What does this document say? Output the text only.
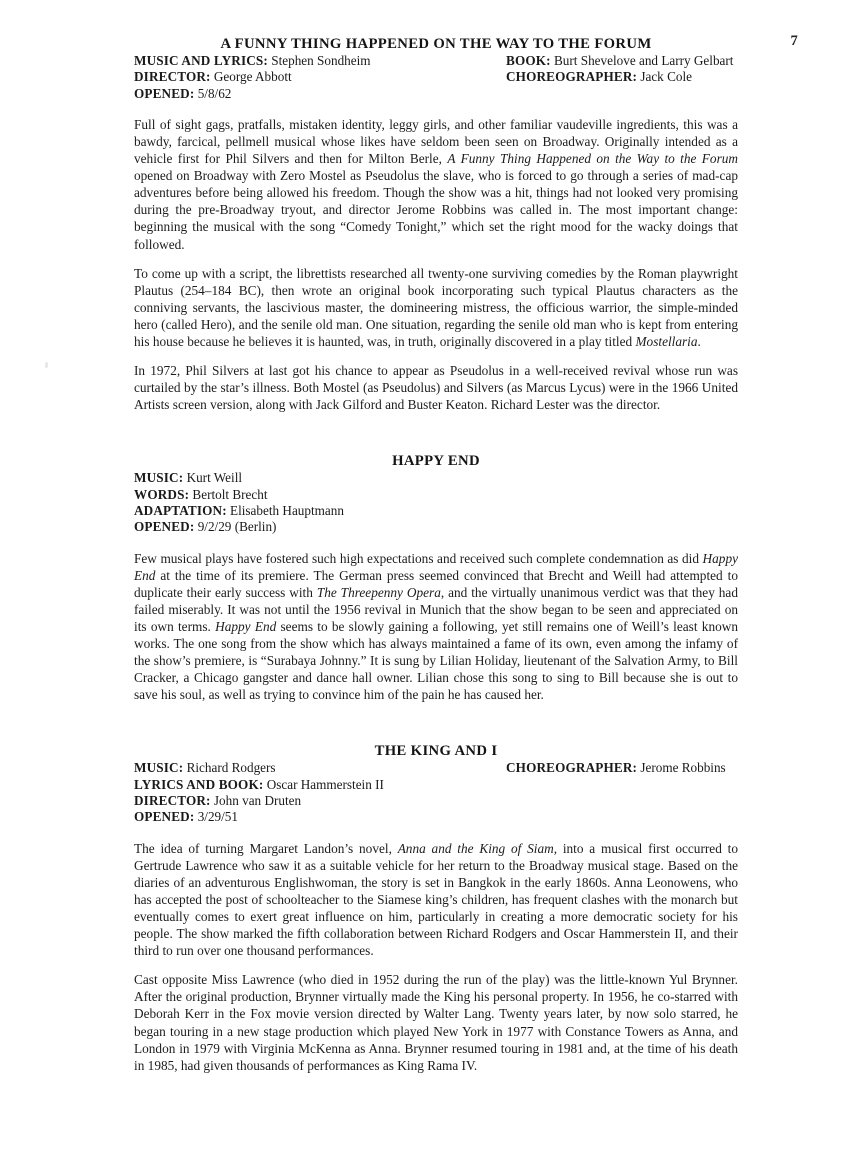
7
A FUNNY THING HAPPENED ON THE WAY TO THE FORUM
MUSIC AND LYRICS: Stephen Sondheim
DIRECTOR: George Abbott
OPENED: 5/8/62
BOOK: Burt Shevelove and Larry Gelbart
CHOREOGRAPHER: Jack Cole

Full of sight gags, pratfalls, mistaken identity, leggy girls, and other familiar vaudeville ingredients, this was a bawdy, farcical, pellmell musical whose likes have seldom been seen on Broadway. Originally intended as a vehicle first for Phil Silvers and then for Milton Berle, A Funny Thing Happened on the Way to the Forum opened on Broadway with Zero Mostel as Pseudolus the slave, who is forced to go through a series of mad-cap adventures before being allowed his freedom. Though the show was a hit, things had not looked very promising during the pre-Broadway tryout, and director Jerome Robbins was called in. The most important change: beginning the musical with the song “Comedy Tonight,” which set the right mood for the wacky doings that followed.

To come up with a script, the librettists researched all twenty-one surviving comedies by the Roman playwright Plautus (254–184 BC), then wrote an original book incorporating such typical Plautus characters as the conniving servants, the lascivious master, the domineering mistress, the officious warrior, the simple-minded hero (called Hero), and the senile old man. One situation, regarding the senile old man who is kept from entering his house because he believes it is haunted, was, in truth, originally discovered in a play titled Mostellaria.

In 1972, Phil Silvers at last got his chance to appear as Pseudolus in a well-received revival whose run was curtailed by the star’s illness. Both Mostel (as Pseudolus) and Silvers (as Marcus Lycus) were in the 1966 United Artists screen version, along with Jack Gilford and Buster Keaton. Richard Lester was the director.

HAPPY END
MUSIC: Kurt Weill
WORDS: Bertolt Brecht
ADAPTATION: Elisabeth Hauptmann
OPENED: 9/2/29 (Berlin)

Few musical plays have fostered such high expectations and received such complete condemnation as did Happy End at the time of its premiere. The German press seemed convinced that Brecht and Weill had attempted to duplicate their early success with The Threepenny Opera, and the virtually unanimous verdict was that they had failed miserably. It was not until the 1956 revival in Munich that the show began to be seen and appreciated on its own terms. Happy End seems to be slowly gaining a following, yet still remains one of Weill’s least known works. The one song from the show which has always maintained a fame of its own, even among the infamy of the show’s premiere, is “Surabaya Johnny.” It is sung by Lilian Holiday, lieutenant of the Salvation Army, to Bill Cracker, a Chicago gangster and dance hall owner. Lilian chose this song to sing to Bill because she is out to save his soul, as well as trying to convince him of the pain he has caused her.

THE KING AND I
MUSIC: Richard Rodgers
LYRICS AND BOOK: Oscar Hammerstein II
DIRECTOR: John van Druten
OPENED: 3/29/51
CHOREOGRAPHER: Jerome Robbins

The idea of turning Margaret Landon’s novel, Anna and the King of Siam, into a musical first occurred to Gertrude Lawrence who saw it as a suitable vehicle for her return to the Broadway musical stage. Based on the diaries of an adventurous Englishwoman, the story is set in Bangkok in the early 1860s. Anna Leonowens, who has accepted the post of schoolteacher to the Siamese king’s children, has frequent clashes with the monarch but eventually comes to exert great influence on him, particularly in creating a more democratic society for his people. The show marked the fifth collaboration between Richard Rodgers and Oscar Hammerstein II, and their third to run over one thousand performances.

Cast opposite Miss Lawrence (who died in 1952 during the run of the play) was the little-known Yul Brynner. After the original production, Brynner virtually made the King his personal property. In 1956, he co-starred with Deborah Kerr in the Fox movie version directed by Walter Lang. Twenty years later, by now solo starred, he began touring in a new stage production which played New York in 1977 with Constance Towers as Anna, and London in 1979 with Virginia McKenna as Anna. Brynner resumed touring in 1981 and, at the time of his death in 1985, had given thousands of performances as King Rama IV.
